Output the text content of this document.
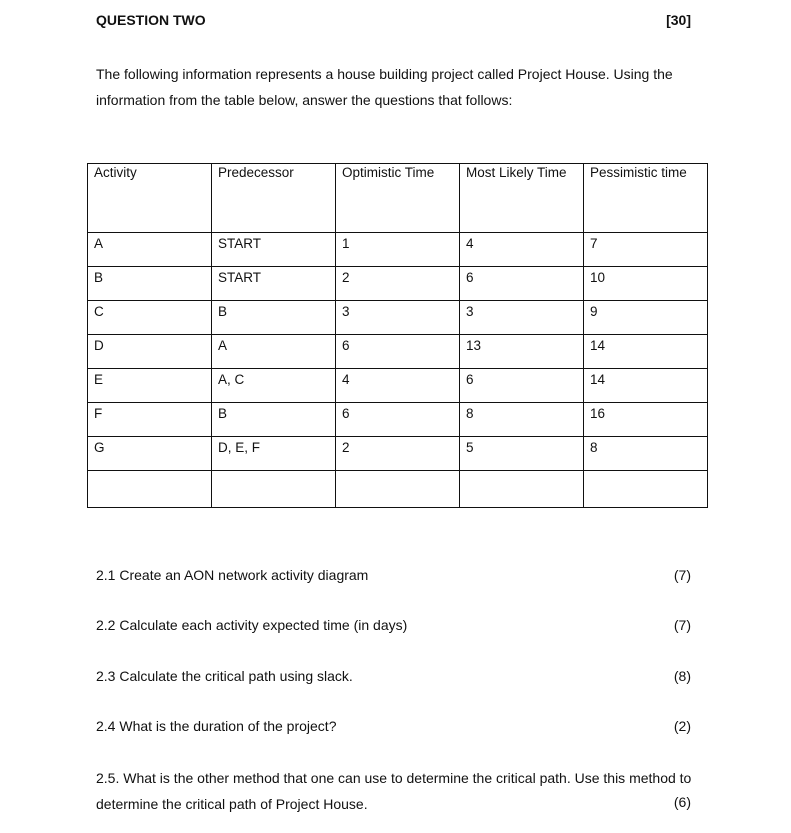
QUESTION TWO	[30]

The following information represents a house building project called Project House. Using the information from the table below, answer the questions that follows:

Activity	Predecessor	Optimistic Time	Most Likely Time	Pessimistic time
A	START	1	4	7
B	START	2	6	10
C	B	3	3	9
D	A	6	13	14
E	A, C	4	6	14
F	B	6	8	16
G	D, E, F	2	5	8

2.1 Create an AON network activity diagram	(7)
2.2 Calculate each activity expected time (in days)	(7)
2.3 Calculate the critical path using slack.	(8)
2.4 What is the duration of the project?	(2)

2.5. What is the other method that one can use to determine the critical path. Use this method to determine the critical path of Project House.	(6)
